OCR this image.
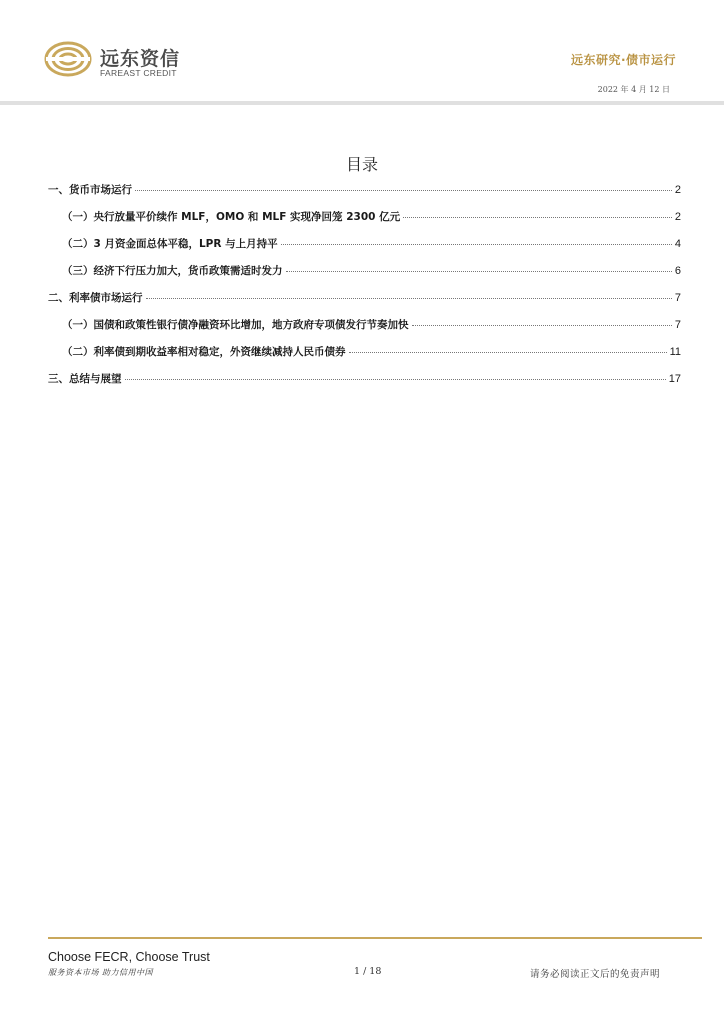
远东资信
FAREAST CREDIT
远东研究·债市运行
2022 年 4 月 12 日
目录
一、货币市场运行	2
（一）央行放量平价续作 MLF，OMO 和 MLF 实现净回笼 2300 亿元	2
（二）3 月资金面总体平稳，LPR 与上月持平	4
（三）经济下行压力加大，货币政策需适时发力	6
二、利率债市场运行	7
（一）国债和政策性银行债净融资环比增加，地方政府专项债发行节奏加快	7
（二）利率债到期收益率相对稳定，外资继续减持人民币债券	11
三、总结与展望	17
Choose FECR, Choose Trust
服务资本市场 助力信用中国	1 / 18	请务必阅读正文后的免责声明
